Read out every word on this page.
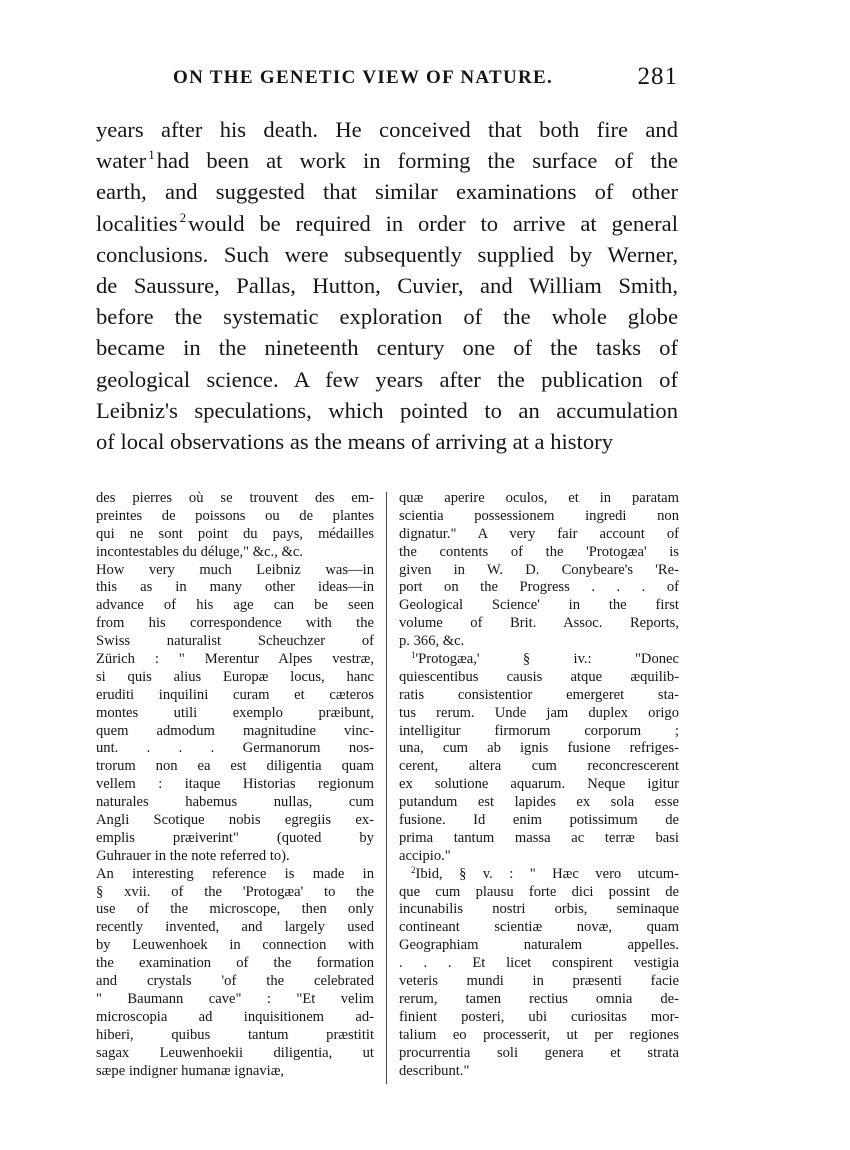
ON THE GENETIC VIEW OF NATURE.	281
years after his death. He conceived that both fire and
water $^1$had been at work in forming the surface of the
earth, and suggested that similar examinations of other
localities $^2$would be required in order to arrive at general
conclusions. Such were subsequently supplied by Werner,
de Saussure, Pallas, Hutton, Cuvier, and William Smith,
before the systematic exploration of the whole globe
became in the nineteenth century one of the tasks of
geological science. A few years after the publication of
Leibniz's speculations, which pointed to an accumulation
of local observations as the means of arriving at a history
des pierres où se trouvent des em-
preintes de poissons ou de plantes
qui ne sont point du pays, médailles
incontestables du déluge," &c., &c.
How very much Leibniz was—in
this as in many other ideas—in
advance of his age can be seen
from his correspondence with the
Swiss naturalist Scheuchzer of
Zürich : " Merentur Alpes vestræ,
si quis alius Europæ locus, hanc
eruditi inquilini curam et cæteros
montes utili exemplo præibunt,
quem admodum magnitudine vinc-
unt. . . . Germanorum nos-
trorum non ea est diligentia quam
vellem : itaque Historias regionum
naturales habemus nullas, cum
Angli Scotique nobis egregiis ex-
emplis præiverint" (quoted by
Guhrauer in the note referred to).
An interesting reference is made in
§ xvii. of the 'Protogæa' to the
use of the microscope, then only
recently invented, and largely used
by Leuwenhoek in connection with
the examination of the formation
and crystals 'of the celebrated
" Baumann cave" : "Et velim
microscopia ad inquisitionem ad-
hiberi, quibus tantum præstitit
sagax Leuwenhoekii diligentia, ut
sæpe indigner humanæ ignaviæ,
quæ aperire oculos, et in paratam
scientia possessionem ingredi non
dignatur." A very fair account of
the contents of the 'Protogæa' is
given in W. D. Conybeare's 'Re-
port on the Progress . . . of
Geological Science' in the first
volume of Brit. Assoc. Reports,
p. 366, &c.
$^1$'Protogæa,' § iv.: "Donec
quiescentibus causis atque æquilib-
ratis consistentior emergeret sta-
tus rerum. Unde jam duplex origo
intelligitur firmorum corporum ;
una, cum ab ignis fusione refriges-
cerent, altera cum reconcrescerent
ex solutione aquarum. Neque igitur
putandum est lapides ex sola esse
fusione. Id enim potissimum de
prima tantum massa ac terræ basi
accipio."
$^2$Ibid, § v. : " Hæc vero utcum-
que cum plausu forte dici possint de
incunabilis nostri orbis, seminaque
contineant scientiæ novæ, quam
Geographiam naturalem appelles.
. . . Et licet conspirent vestigia
veteris mundi in præsenti facie
rerum, tamen rectius omnia de-
finient posteri, ubi curiositas mor-
talium eo processerit, ut per regiones
procurrentia soli genera et strata
describunt."
